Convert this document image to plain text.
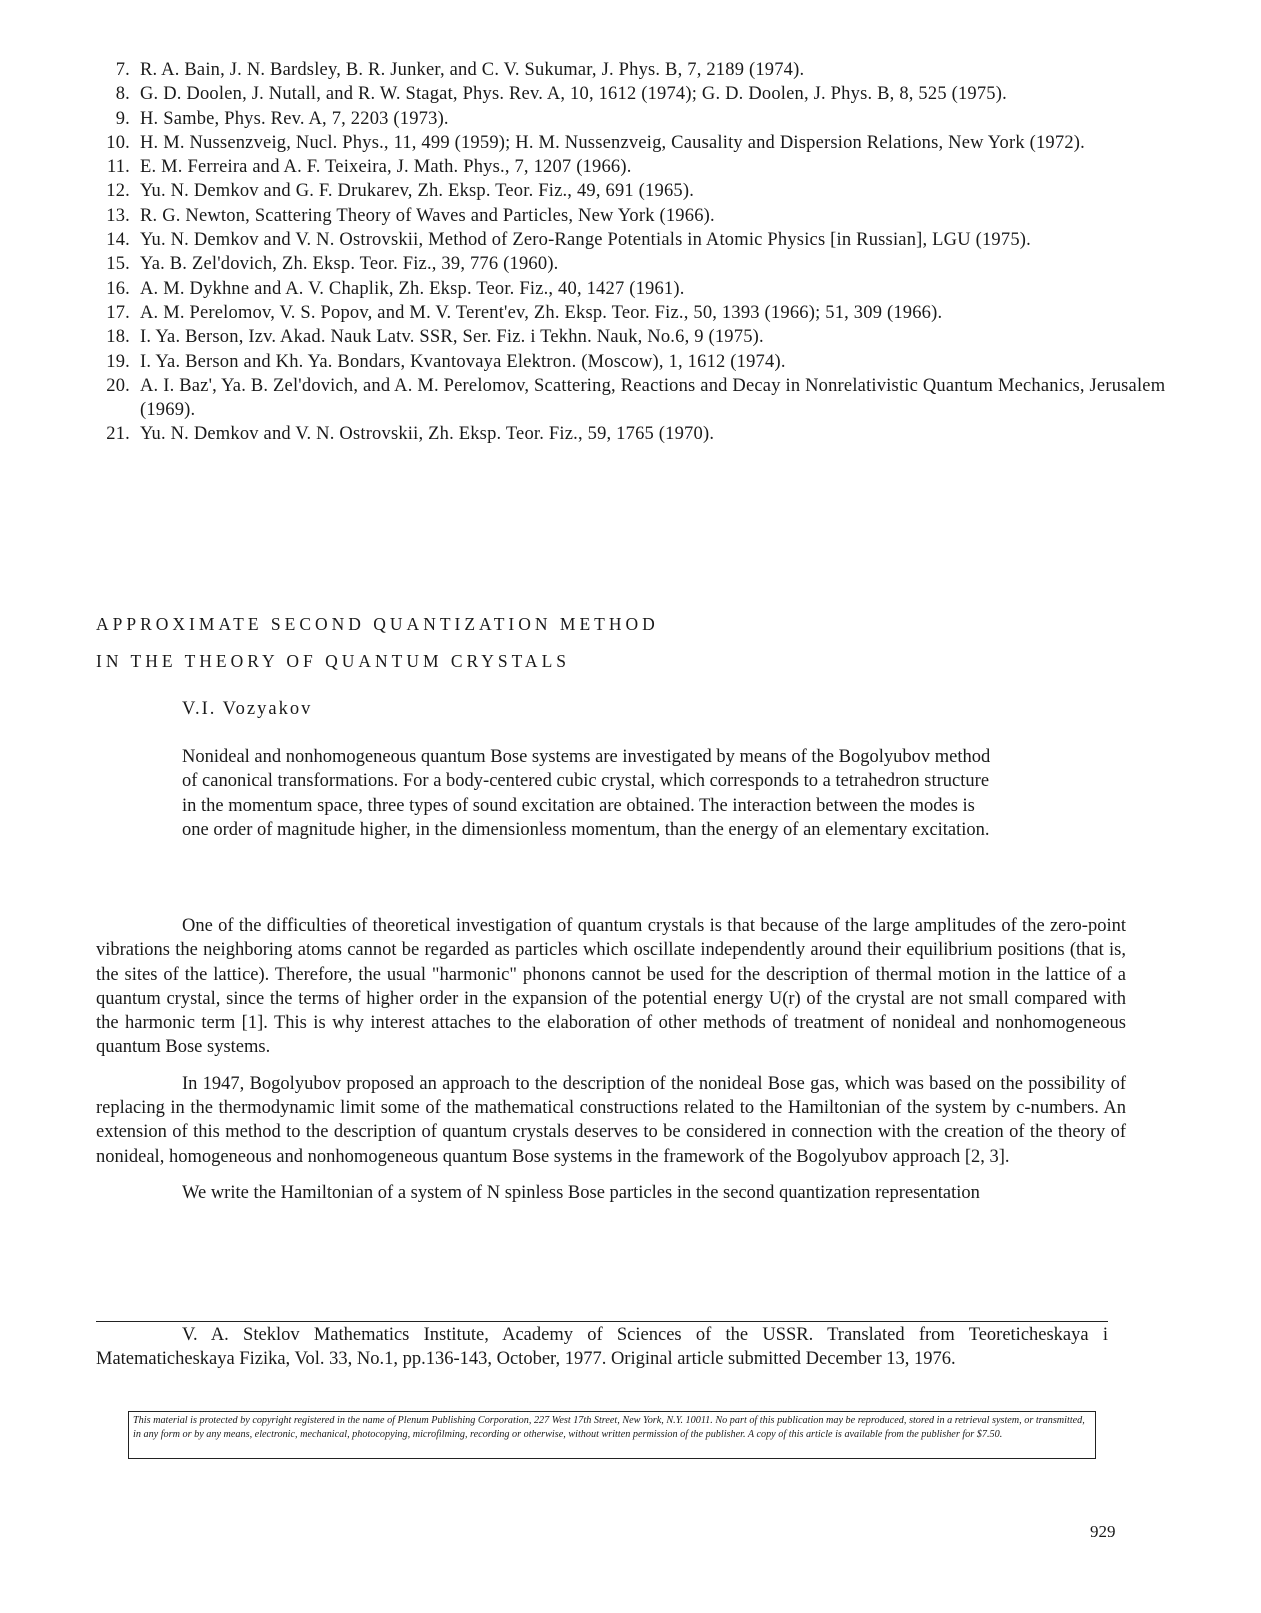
7. R. A. Bain, J. N. Bardsley, B. R. Junker, and C. V. Sukumar, J. Phys. B, 7, 2189 (1974).
8. G. D. Doolen, J. Nutall, and R. W. Stagat, Phys. Rev. A, 10, 1612 (1974); G. D. Doolen, J. Phys. B, 8, 525 (1975).
9. H. Sambe, Phys. Rev. A, 7, 2203 (1973).
10. H. M. Nussenzveig, Nucl. Phys., 11, 499 (1959); H. M. Nussenzveig, Causality and Dispersion Relations, New York (1972).
11. E. M. Ferreira and A. F. Teixeira, J. Math. Phys., 7, 1207 (1966).
12. Yu. N. Demkov and G. F. Drukarev, Zh. Eksp. Teor. Fiz., 49, 691 (1965).
13. R. G. Newton, Scattering Theory of Waves and Particles, New York (1966).
14. Yu. N. Demkov and V. N. Ostrovskii, Method of Zero-Range Potentials in Atomic Physics [in Russian], LGU (1975).
15. Ya. B. Zel'dovich, Zh. Eksp. Teor. Fiz., 39, 776 (1960).
16. A. M. Dykhne and A. V. Chaplik, Zh. Eksp. Teor. Fiz., 40, 1427 (1961).
17. A. M. Perelomov, V. S. Popov, and M. V. Terent'ev, Zh. Eksp. Teor. Fiz., 50, 1393 (1966); 51, 309 (1966).
18. I. Ya. Berson, Izv. Akad. Nauk Latv. SSR, Ser. Fiz. i Tekhn. Nauk, No.6, 9 (1975).
19. I. Ya. Berson and Kh. Ya. Bondars, Kvantovaya Elektron. (Moscow), 1, 1612 (1974).
20. A. I. Baz', Ya. B. Zel'dovich, and A. M. Perelomov, Scattering, Reactions and Decay in Nonrelativistic Quantum Mechanics, Jerusalem (1969).
21. Yu. N. Demkov and V. N. Ostrovskii, Zh. Eksp. Teor. Fiz., 59, 1765 (1970).
APPROXIMATE SECOND QUANTIZATION METHOD
IN THE THEORY OF QUANTUM CRYSTALS
V.I. Vozyakov

Nonideal and nonhomogeneous quantum Bose systems are investigated by means of the Bogolyubov method of canonical transformations. For a body-centered cubic crystal, which corresponds to a tetrahedron structure in the momentum space, three types of sound excitation are obtained. The interaction between the modes is one order of magnitude higher, in the dimensionless momentum, than the energy of an elementary excitation.

One of the difficulties of theoretical investigation of quantum crystals is that because of the large amplitudes of the zero-point vibrations the neighboring atoms cannot be regarded as particles which oscillate independently around their equilibrium positions (that is, the sites of the lattice). Therefore, the usual "harmonic" phonons cannot be used for the description of thermal motion in the lattice of a quantum crystal, since the terms of higher order in the expansion of the potential energy U(r) of the crystal are not small compared with the harmonic term [1]. This is why interest attaches to the elaboration of other methods of treatment of nonideal and nonhomogeneous quantum Bose systems.

In 1947, Bogolyubov proposed an approach to the description of the nonideal Bose gas, which was based on the possibility of replacing in the thermodynamic limit some of the mathematical constructions related to the Hamiltonian of the system by c-numbers. An extension of this method to the description of quantum crystals deserves to be considered in connection with the creation of the theory of nonideal, homogeneous and nonhomogeneous quantum Bose systems in the framework of the Bogolyubov approach [2, 3].

We write the Hamiltonian of a system of N spinless Bose particles in the second quantization representation

V. A. Steklov Mathematics Institute, Academy of Sciences of the USSR. Translated from Teoreticheskaya i Matematicheskaya Fizika, Vol. 33, No.1, pp.136-143, October, 1977. Original article submitted December 13, 1976.

This material is protected by copyright registered in the name of Plenum Publishing Corporation, 227 West 17th Street, New York, N.Y. 10011. No part of this publication may be reproduced, stored in a retrieval system, or transmitted, in any form or by any means, electronic, mechanical, photocopying, microfilming, recording or otherwise, without written permission of the publisher. A copy of this article is available from the publisher for $7.50.
929
